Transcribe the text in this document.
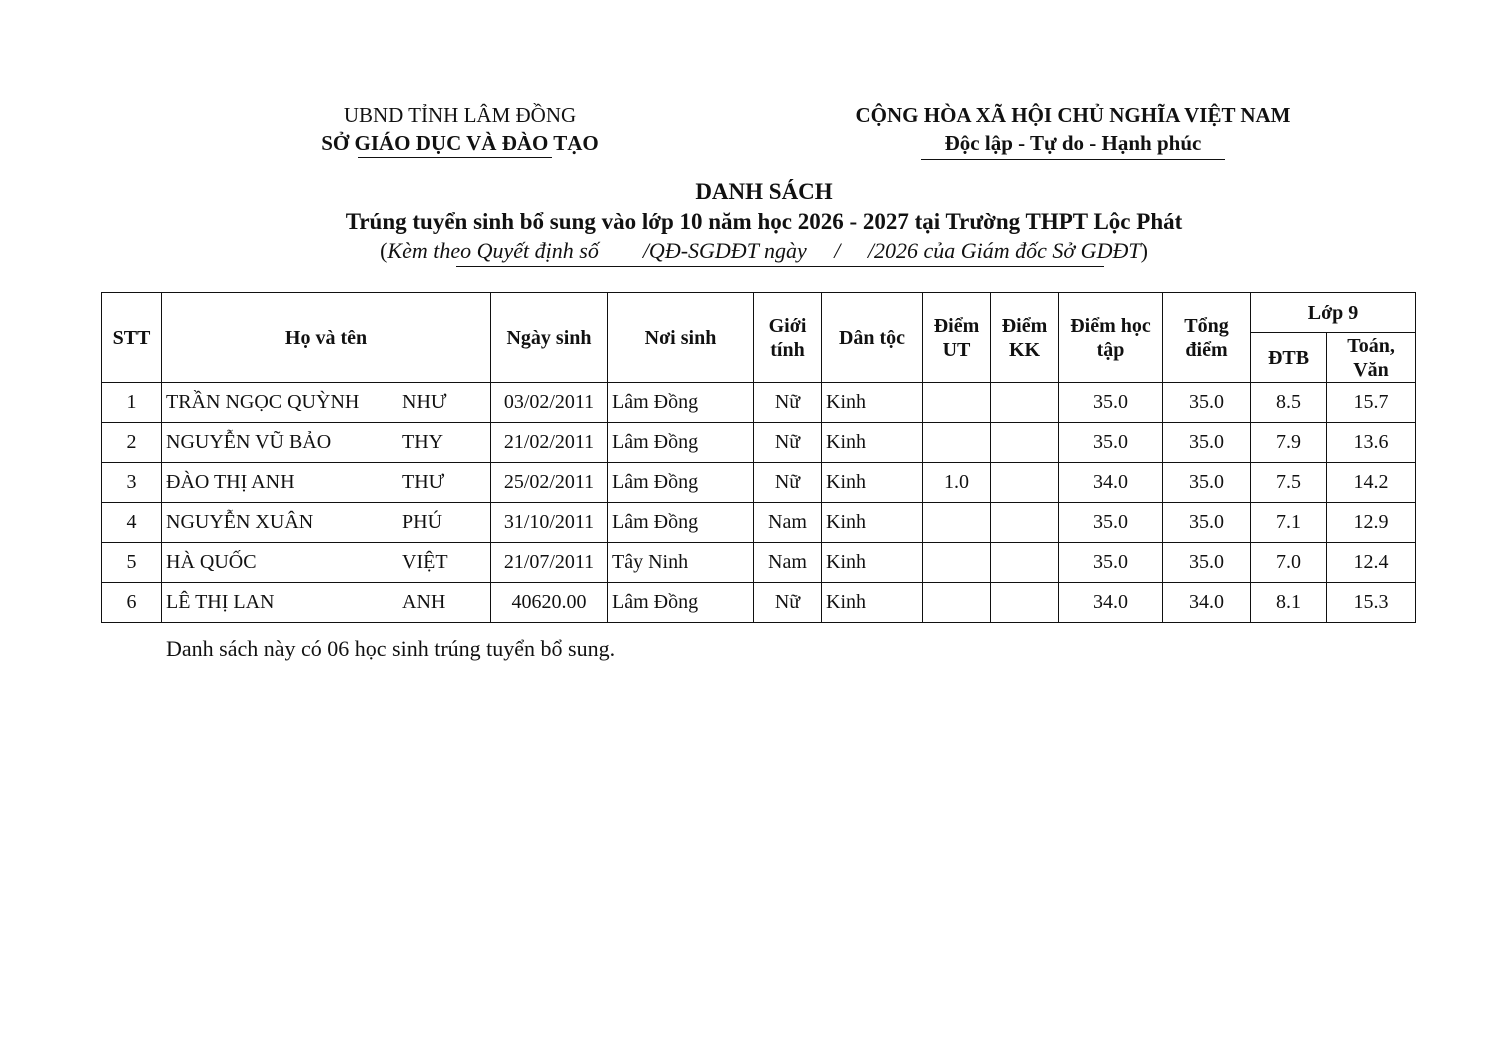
UBND TỈNH LÂM ĐỒNG
SỞ GIÁO DỤC VÀ ĐÀO TẠO
CỘNG HÒA XÃ HỘI CHỦ NGHĨA VIỆT NAM
Độc lập - Tự do - Hạnh phúc
DANH SÁCH
Trúng tuyển sinh bổ sung vào lớp 10 năm học 2026 - 2027 tại Trường THPT Lộc Phát
(Kèm theo Quyết định số        /QĐ-SGDĐT ngày     /     /2026 của Giám đốc Sở GDĐT)
STT	Họ và tên	Ngày sinh	Nơi sinh	Giới tính	Dân tộc	Điểm UT	Điểm KK	Điểm học tập	Tổng điểm	Lớp 9	
										ĐTB	Toán, Văn
1	TRẦN NGỌC QUỲNH NHƯ	03/02/2011	Lâm Đồng	Nữ	Kinh			35.0	35.0	8.5	15.7
2	NGUYỄN VŨ BẢO THY	21/02/2011	Lâm Đồng	Nữ	Kinh			35.0	35.0	7.9	13.6
3	ĐÀO THỊ ANH THƯ	25/02/2011	Lâm Đồng	Nữ	Kinh	1.0		34.0	35.0	7.5	14.2
4	NGUYỄN XUÂN PHÚ	31/10/2011	Lâm Đồng	Nam	Kinh			35.0	35.0	7.1	12.9
5	HÀ QUỐC VIỆT	21/07/2011	Tây Ninh	Nam	Kinh			35.0	35.0	7.0	12.4
6	LÊ THỊ LAN ANH	40620.00	Lâm Đồng	Nữ	Kinh			34.0	34.0	8.1	15.3
Danh sách này có 06 học sinh trúng tuyển bổ sung.
